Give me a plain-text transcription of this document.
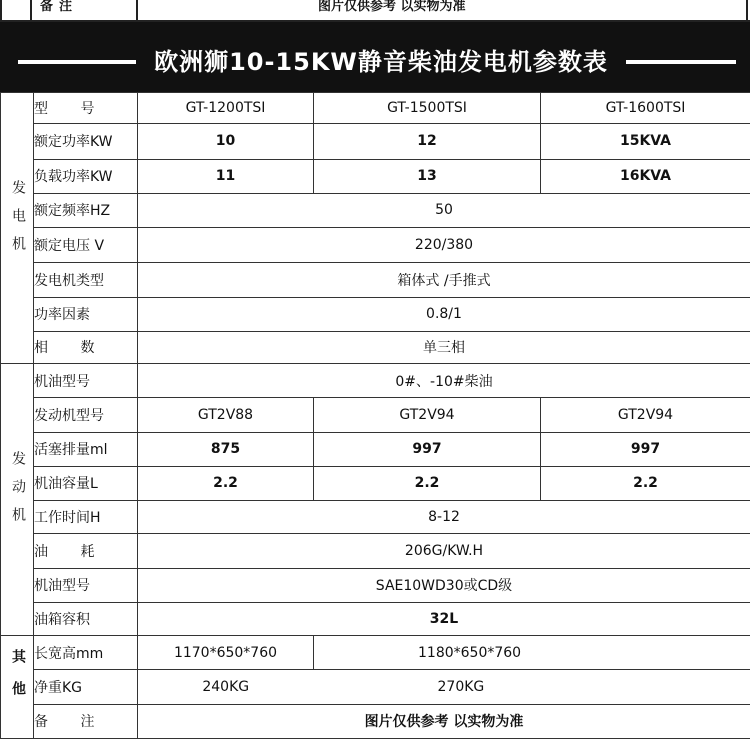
备注	图片仅供参考 以实物为准
欧洲狮10-15KW静音柴油发电机参数表
发电机	型 号	GT-1200TSI	GT-1500TSI	GT-1600TSI
	额定功率KW	10	12	15KVA
	负载功率KW	11	13	16KVA
	额定频率HZ	50		
	额定电压 V	220/380		
	发电机类型	箱体式 /手推式		
	功率因素	0.8/1		
	相 数	单三相		
发动机	机油型号	0#、-10#柴油		
	发动机型号	GT2V88	GT2V94	GT2V94
	活塞排量ml	875	997	997
	机油容量L	2.2	2.2	2.2
	工作时间H	8-12		
	油 耗	206G/KW.H		
	机油型号	SAE10WD30或CD级		
	油箱容积	32L		
其他	长宽高mm	1170*650*760	1180*650*760	
	净重KG	240KG	270KG	
	备 注	图片仅供参考 以实物为准		
